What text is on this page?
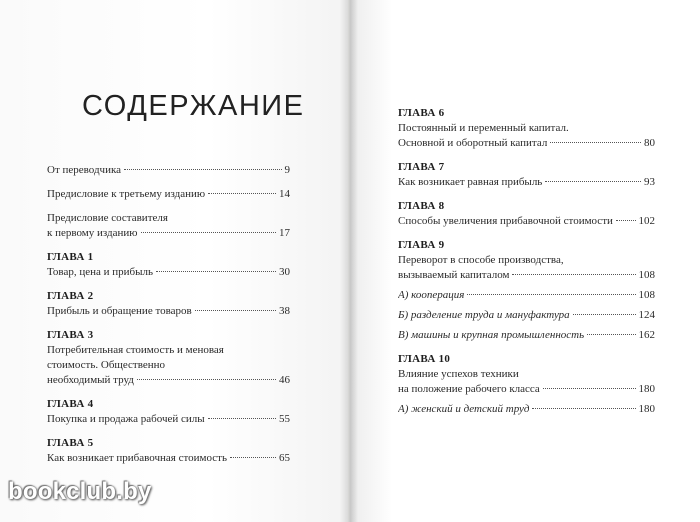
СОДЕРЖАНИЕ
От переводчика	9
Предисловие к третьему изданию	14
Предисловие составителя
к первому изданию	17
ГЛАВА 1
Товар, цена и прибыль	30
ГЛАВА 2
Прибыль и обращение товаров	38
ГЛАВА 3
Потребительная стоимость и меновая
стоимость. Общественно
необходимый труд	46
ГЛАВА 4
Покупка и продажа рабочей силы	55
ГЛАВА 5
Как возникает прибавочная стоимость	65
ГЛАВА 6
Постоянный и переменный капитал.
Основной и оборотный капитал	80
ГЛАВА 7
Как возникает равная прибыль	93
ГЛАВА 8
Способы увеличения прибавочной стоимости 102
ГЛАВА 9
Переворот в способе производства,
вызываемый капиталом	108
А) кооперация	108
Б) разделение труда и мануфактура	124
В) машины и крупная промышленность	162
ГЛАВА 10
Влияние успехов техники
на положение рабочего класса	180
А) женский и детский труд	180
bookclub.by
